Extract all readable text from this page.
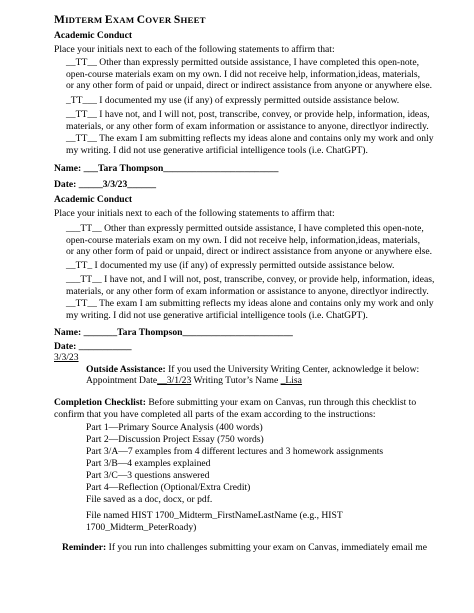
MIDTERM EXAM COVER SHEET
Academic Conduct
Place your initials next to each of the following statements to affirm that:
__TT__ Other than expressly permitted outside assistance, I have completed this open-note,
open-course materials exam on my own. I did not receive help, information,ideas, materials,
or any other form of paid or unpaid, direct or indirect assistance from anyone or anywhere else.
_TT___ I documented my use (if any) of expressly permitted outside assistance below.
__TT__ I have not, and I will not, post, transcribe, convey, or provide help, information, ideas,
materials, or any other form of exam information or assistance to anyone, directlyor indirectly.
__TT__ The exam I am submitting reflects my ideas alone and contains only my work and only
my writing. I did not use generative artificial intelligence tools (i.e. ChatGPT).
Name: ___Tara Thompson________________________
Date: _____3/3/23______
Academic Conduct
Place your initials next to each of the following statements to affirm that:
___TT__ Other than expressly permitted outside assistance, I have completed this open-note,
open-course materials exam on my own. I did not receive help, information,ideas, materials,
or any other form of paid or unpaid, direct or indirect assistance from anyone or anywhere else.
__TT_ I documented my use (if any) of expressly permitted outside assistance below.
___TT__ I have not, and I will not, post, transcribe, convey, or provide help, information, ideas,
materials, or any other form of exam information or assistance to anyone, directlyor indirectly.
__TT__ The exam I am submitting reflects my ideas alone and contains only my work and only
my writing. I did not use generative artificial intelligence tools (i.e. ChatGPT).
Name: _______Tara Thompson_______________________
Date: ___________
3/3/23
Outside Assistance: If you used the University Writing Center, acknowledge it below:
Appointment Date__3/1/23 Writing Tutor’s Name _Lisa
Completion Checklist: Before submitting your exam on Canvas, run through this checklist to
confirm that you have completed all parts of the exam according to the instructions:
Part 1—Primary Source Analysis (400 words)
Part 2—Discussion Project Essay (750 words)
Part 3/A—7 examples from 4 different lectures and 3 homework assignments
Part 3/B—4 examples explained
Part 3/C—3 questions answered
Part 4—Reflection (Optional/Extra Credit)
File saved as a doc, docx, or pdf.
File named HIST 1700_Midterm_FirstNameLastName (e.g., HIST
1700_Midterm_PeterRoady)
Reminder: If you run into challenges submitting your exam on Canvas, immediately email me
